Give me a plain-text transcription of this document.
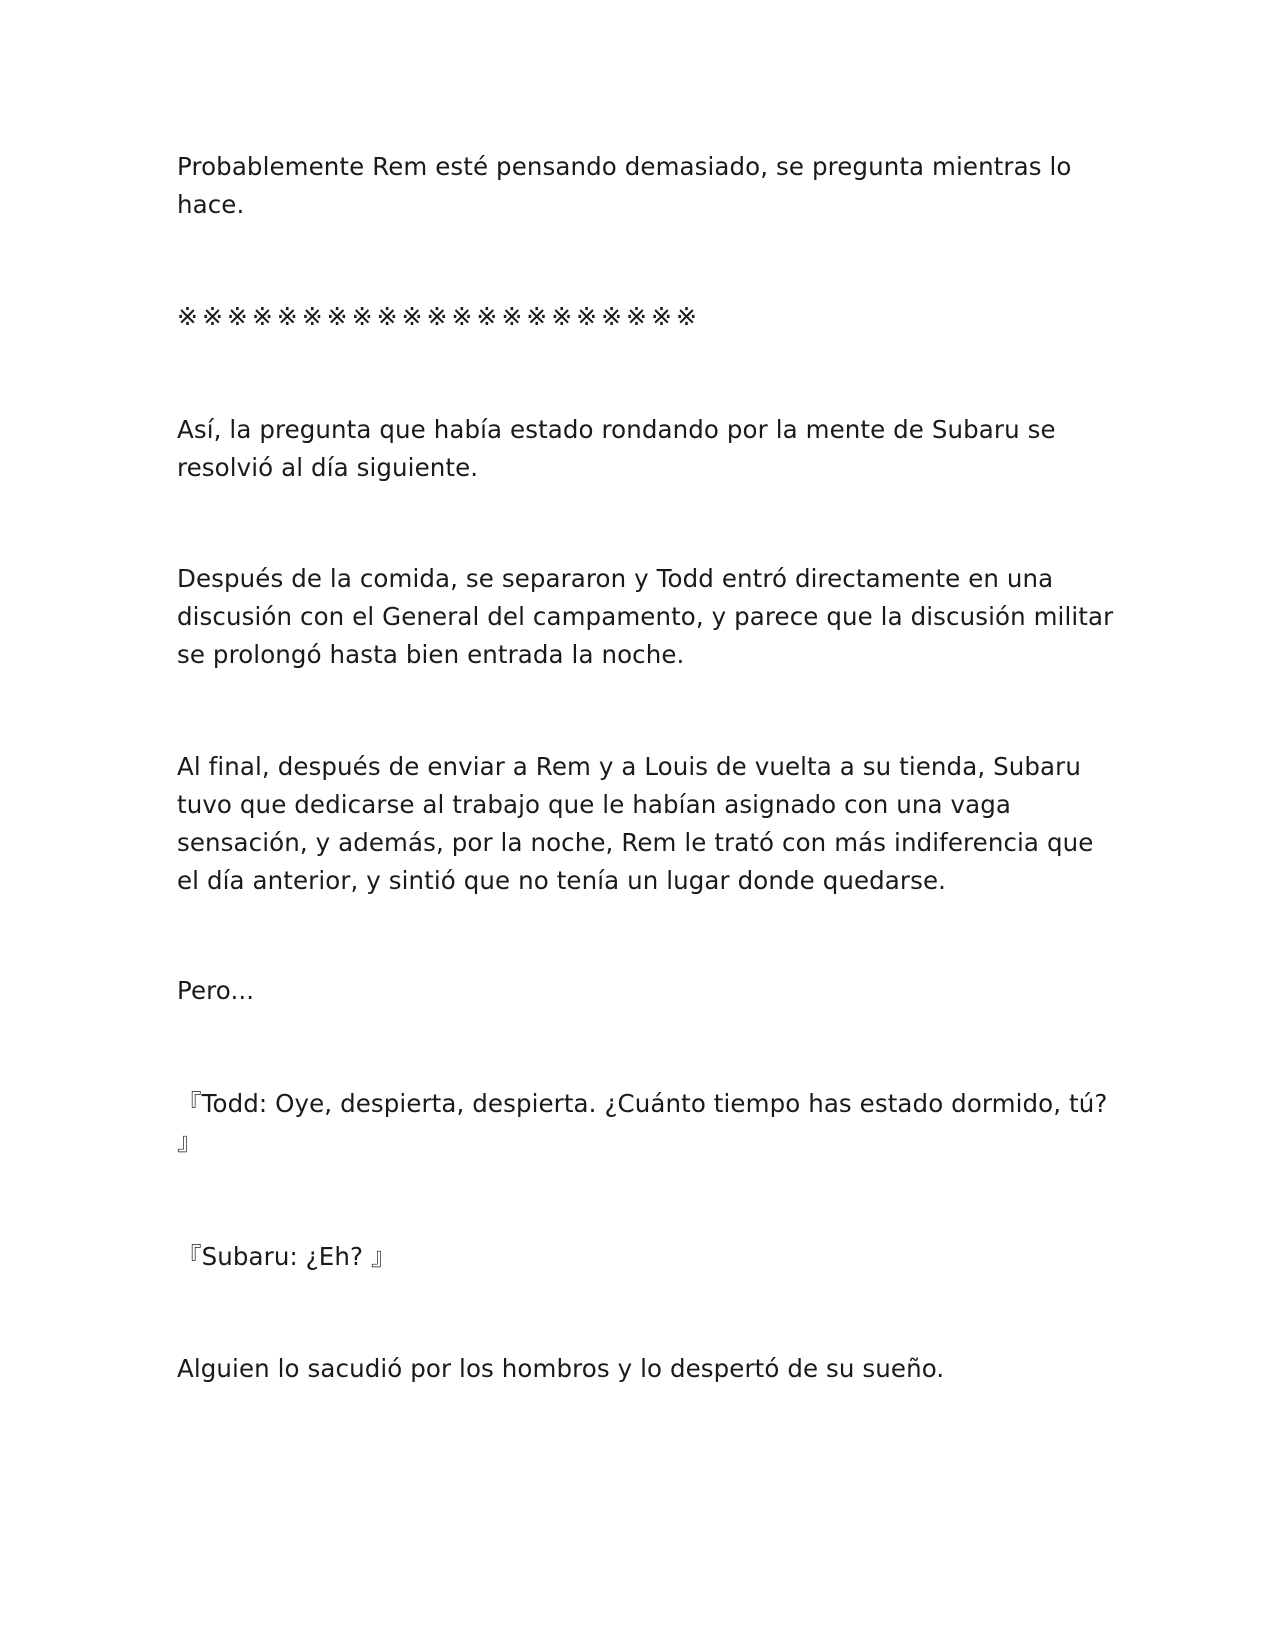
Probablemente Rem esté pensando demasiado, se pregunta mientras lo hace.

※※※※※※※※※※※※※※※※※※※※※

Así, la pregunta que había estado rondando por la mente de Subaru se resolvió al día siguiente.

Después de la comida, se separaron y Todd entró directamente en una discusión con el General del campamento, y parece que la discusión militar se prolongó hasta bien entrada la noche.

Al final, después de enviar a Rem y a Louis de vuelta a su tienda, Subaru tuvo que dedicarse al trabajo que le habían asignado con una vaga sensación, y además, por la noche, Rem le trató con más indiferencia que el día anterior, y sintió que no tenía un lugar donde quedarse.

Pero...

『Todd: Oye, despierta, despierta. ¿Cuánto tiempo has estado dormido, tú? 』

『Subaru: ¿Eh? 』

Alguien lo sacudió por los hombros y lo despertó de su sueño.
